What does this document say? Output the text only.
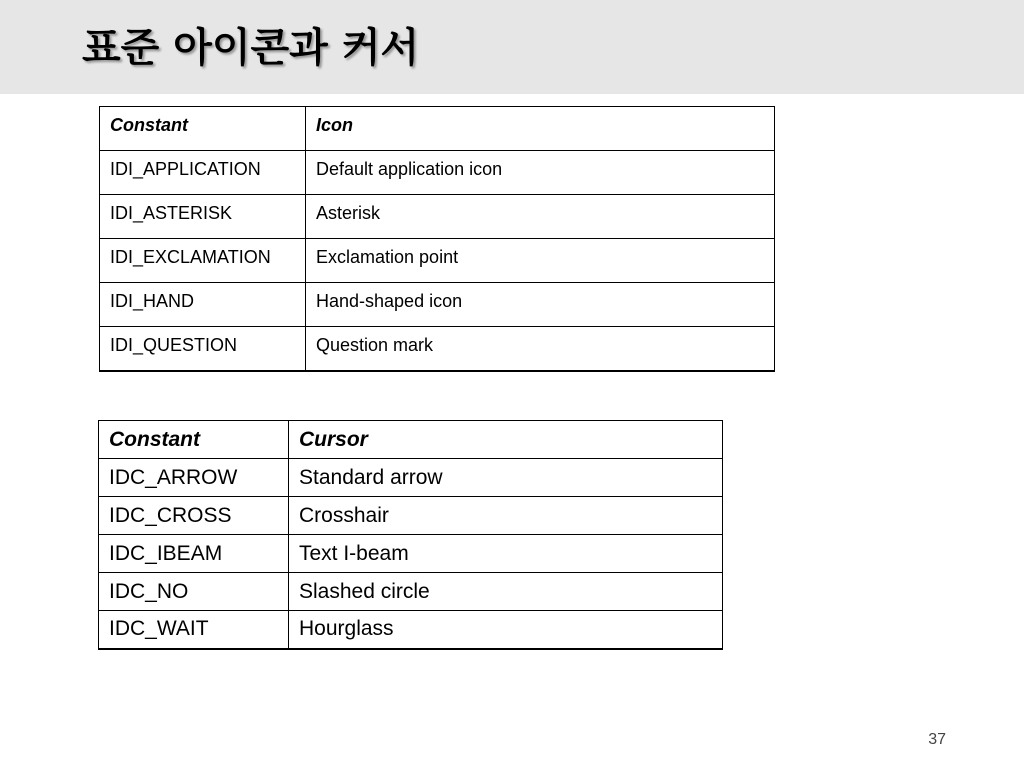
표준 아이콘과 커서
Constant	Icon
IDI_APPLICATION	Default application icon
IDI_ASTERISK	Asterisk
IDI_EXCLAMATION	Exclamation point
IDI_HAND	Hand-shaped icon
IDI_QUESTION	Question mark
Constant	Cursor
IDC_ARROW	Standard arrow
IDC_CROSS	Crosshair
IDC_IBEAM	Text I-beam
IDC_NO	Slashed circle
IDC_WAIT	Hourglass
37
